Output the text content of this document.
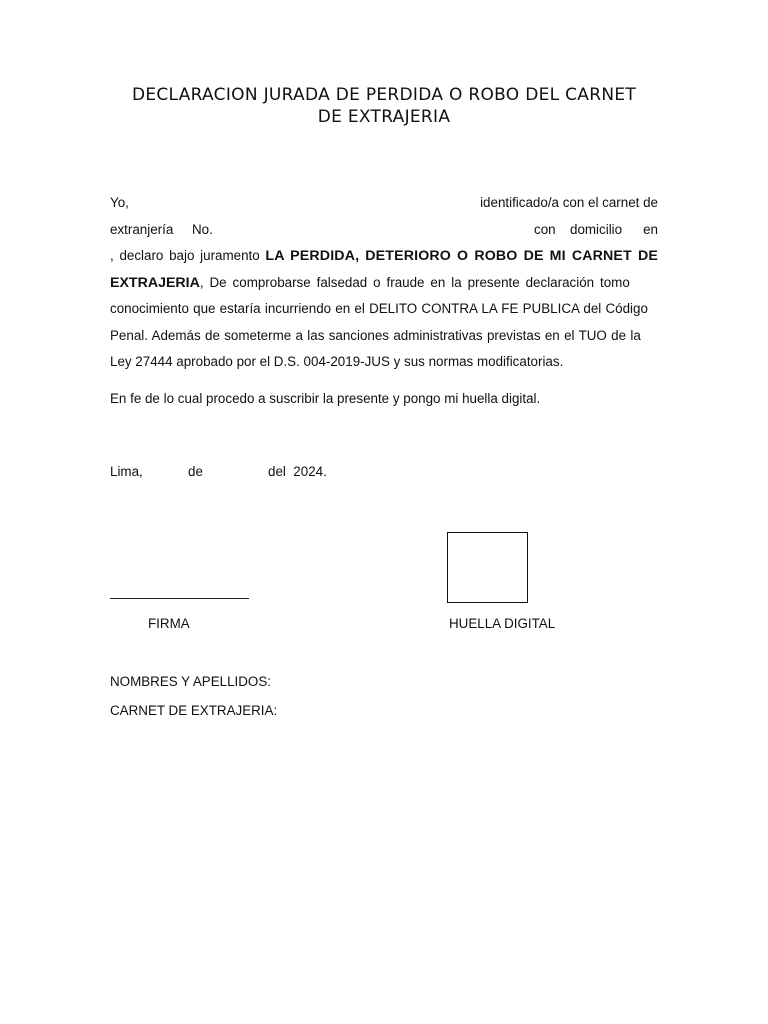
DECLARACION JURADA DE PERDIDA O ROBO DEL CARNET
DE EXTRAJERIA
Yo,	identificado/a con el carnet de
extranjería No.	con domicilio en
, declaro bajo juramento LA PERDIDA, DETERIORO O ROBO DE MI CARNET DE
EXTRAJERIA, De comprobarse falsedad o fraude en la presente declaración tomo
conocimiento que estaría incurriendo en el DELITO CONTRA LA FE PUBLICA del Código
Penal. Además de someterme a las sanciones administrativas previstas en el TUO de la
Ley 27444 aprobado por el D.S. 004-2019-JUS y sus normas modificatorias.
En fe de lo cual procedo a suscribir la presente y pongo mi huella digital.
Lima,	de	del  2024.
FIRMA	HUELLA DIGITAL
NOMBRES Y APELLIDOS:
CARNET DE EXTRAJERIA:
